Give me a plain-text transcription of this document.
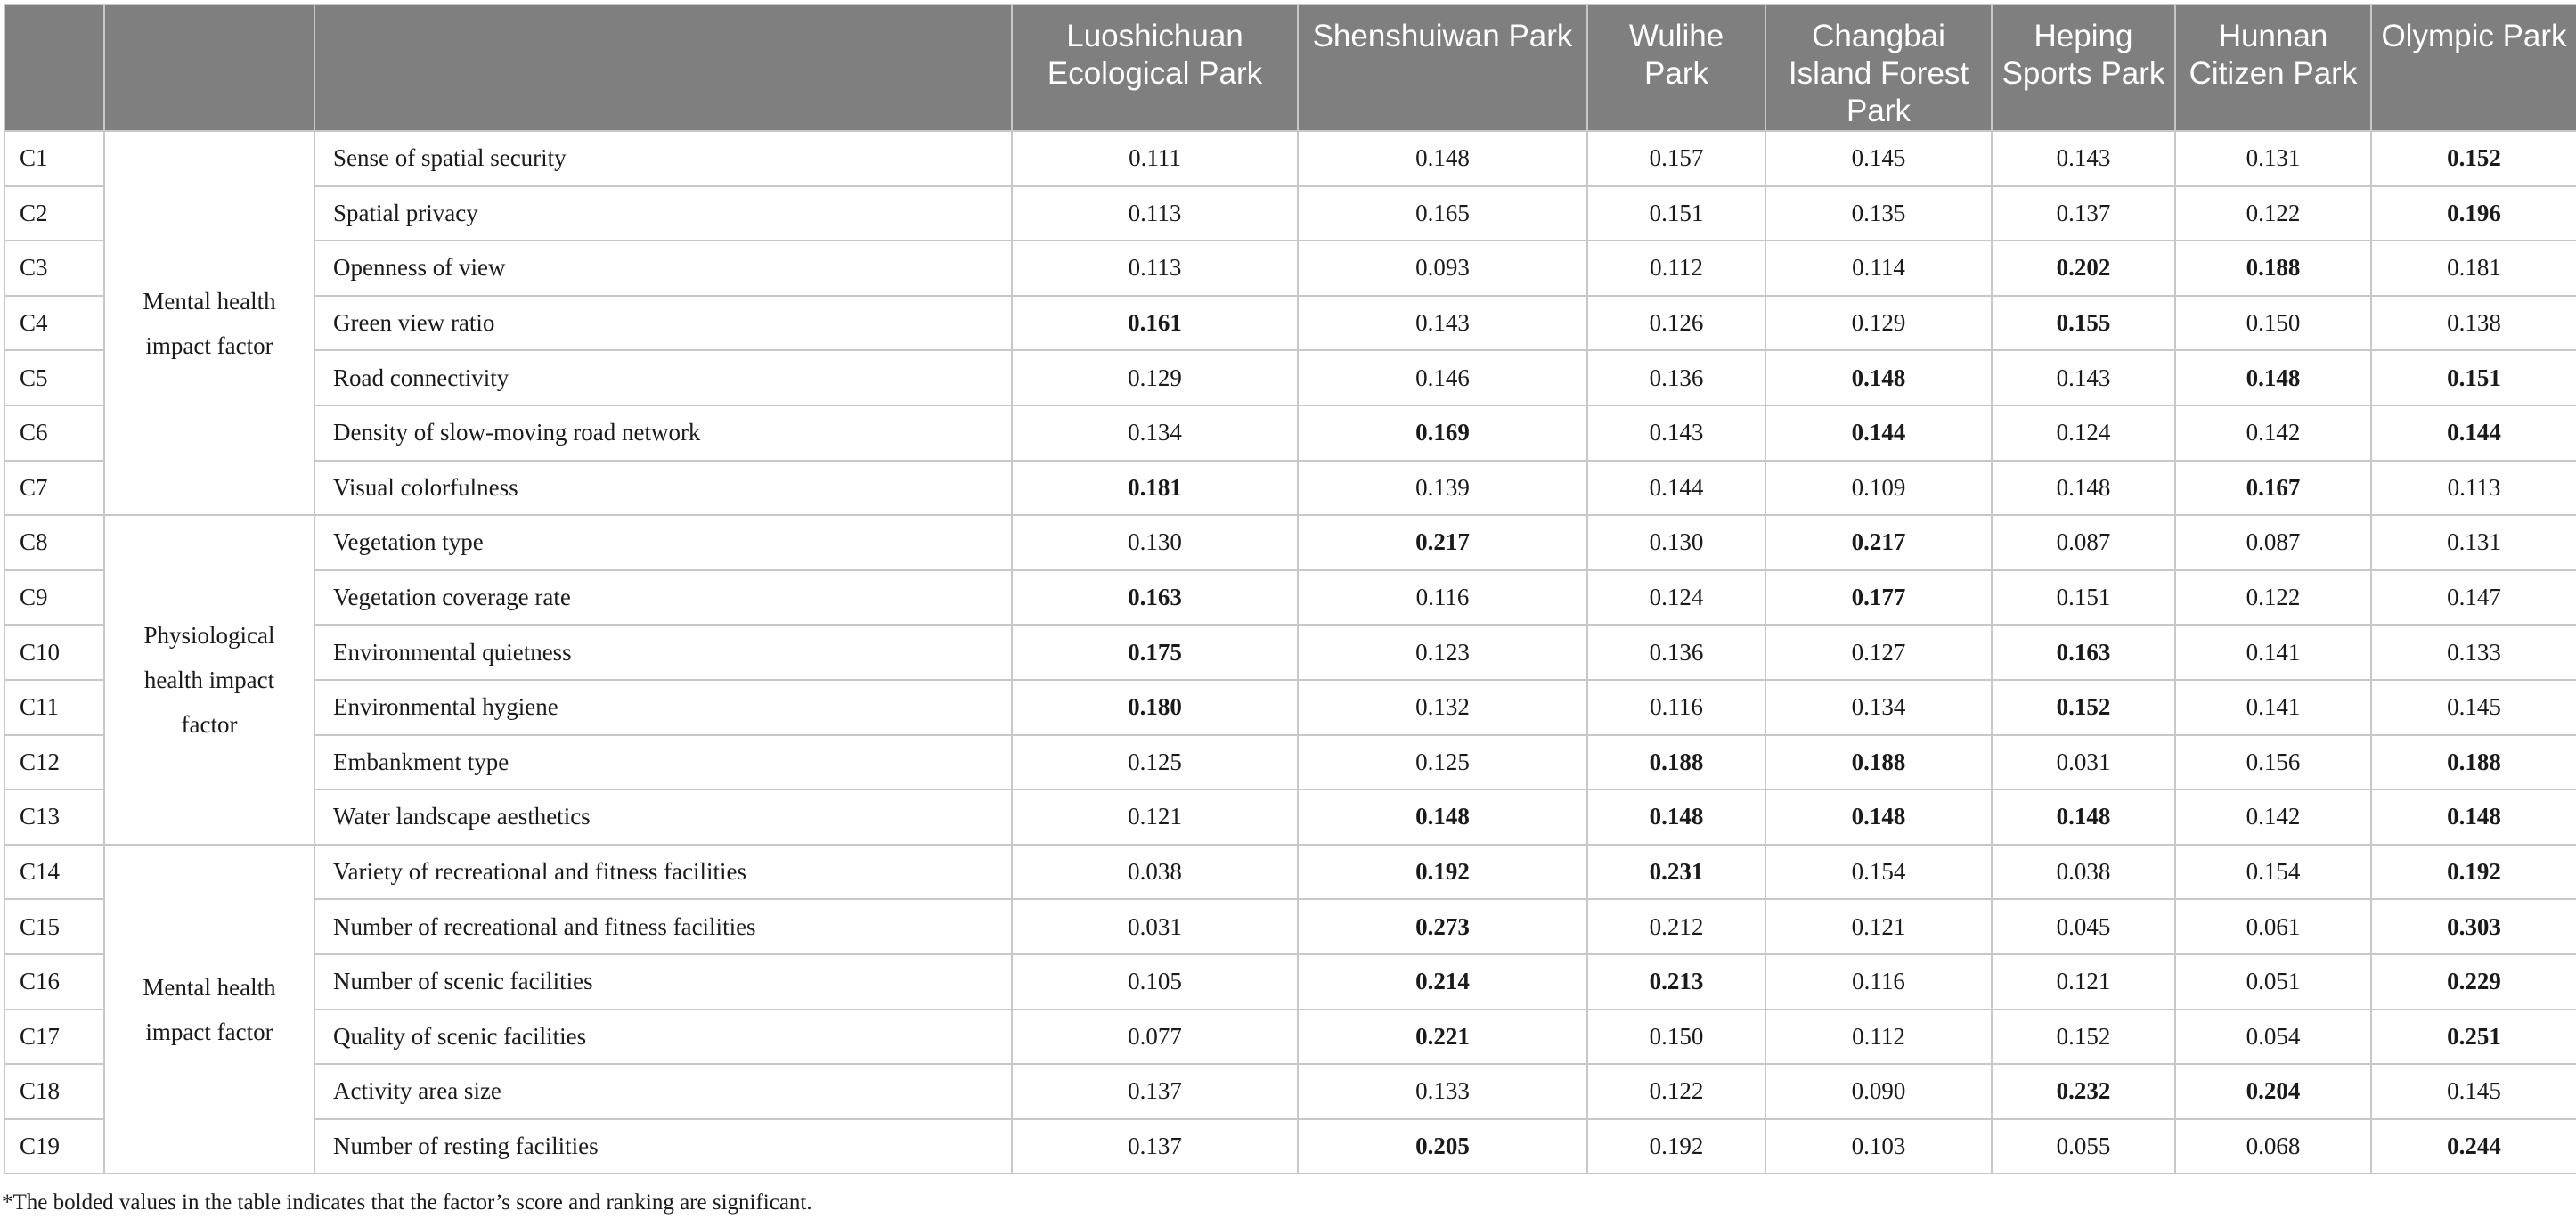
			Luoshichuan Ecological Park	Shenshuiwan Park	Wulihe Park	Changbai Island Forest Park	Heping Sports Park	Hunnan Citizen Park	Olympic Park
C1	Mental health impact factor	Sense of spatial security	0.111	0.148	0.157	0.145	0.143	0.131	0.152
C2		Spatial privacy	0.113	0.165	0.151	0.135	0.137	0.122	0.196
C3		Openness of view	0.113	0.093	0.112	0.114	0.202	0.188	0.181
C4		Green view ratio	0.161	0.143	0.126	0.129	0.155	0.150	0.138
C5		Road connectivity	0.129	0.146	0.136	0.148	0.143	0.148	0.151
C6		Density of slow-moving road network	0.134	0.169	0.143	0.144	0.124	0.142	0.144
C7		Visual colorfulness	0.181	0.139	0.144	0.109	0.148	0.167	0.113
C8	Physiological health impact factor	Vegetation type	0.130	0.217	0.130	0.217	0.087	0.087	0.131
C9		Vegetation coverage rate	0.163	0.116	0.124	0.177	0.151	0.122	0.147
C10		Environmental quietness	0.175	0.123	0.136	0.127	0.163	0.141	0.133
C11		Environmental hygiene	0.180	0.132	0.116	0.134	0.152	0.141	0.145
C12		Embankment type	0.125	0.125	0.188	0.188	0.031	0.156	0.188
C13		Water landscape aesthetics	0.121	0.148	0.148	0.148	0.148	0.142	0.148
C14	Mental health impact factor	Variety of recreational and fitness facilities	0.038	0.192	0.231	0.154	0.038	0.154	0.192
C15		Number of recreational and fitness facilities	0.031	0.273	0.212	0.121	0.045	0.061	0.303
C16		Number of scenic facilities	0.105	0.214	0.213	0.116	0.121	0.051	0.229
C17		Quality of scenic facilities	0.077	0.221	0.150	0.112	0.152	0.054	0.251
C18		Activity area size	0.137	0.133	0.122	0.090	0.232	0.204	0.145
C19		Number of resting facilities	0.137	0.205	0.192	0.103	0.055	0.068	0.244
*The bolded values in the table indicates that the factor’s score and ranking are significant.
